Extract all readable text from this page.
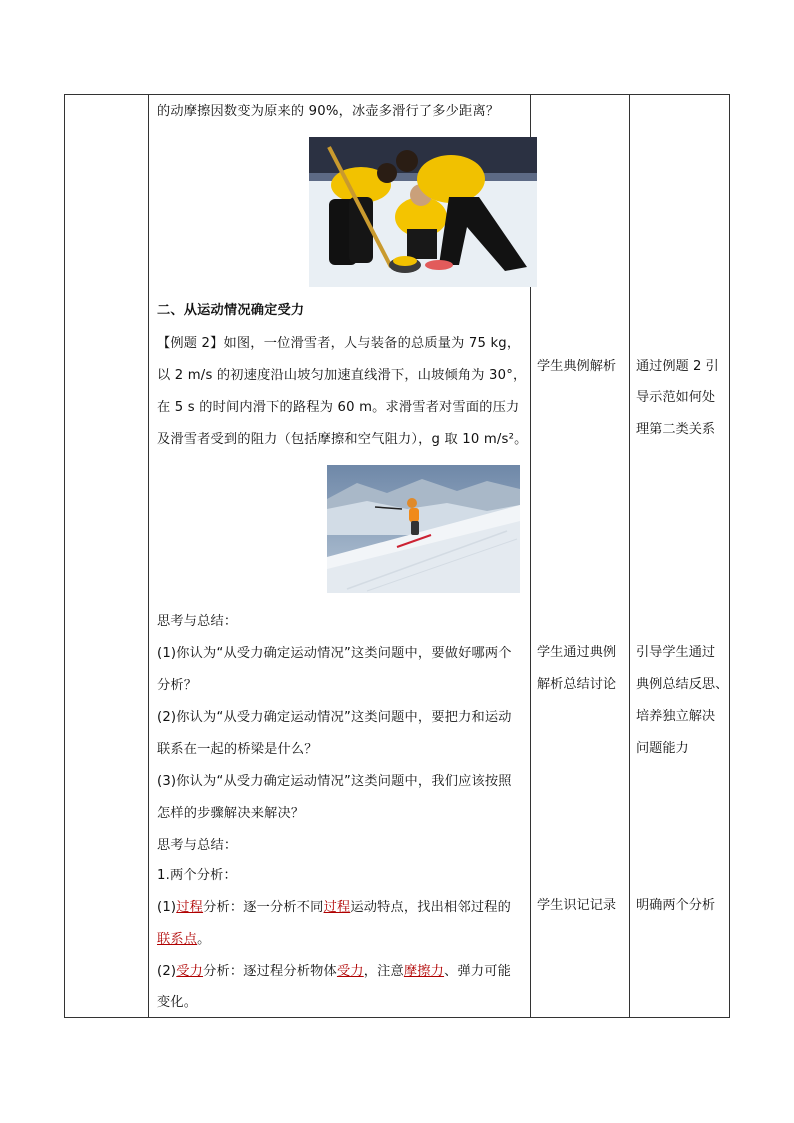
的动摩擦因数变为原来的 90%，冰壶多滑行了多少距离？
二、从运动情况确定受力
【例题 2】如图，一位滑雪者，人与装备的总质量为 75 kg，
以 2 m/s 的初速度沿山坡匀加速直线滑下，山坡倾角为 30°，
在 5 s 的时间内滑下的路程为 60 m。求滑雪者对雪面的压力
及滑雪者受到的阻力（包括摩擦和空气阻力），g 取 10 m/s²。
思考与总结：
(1)你认为“从受力确定运动情况”这类问题中，要做好哪两个
分析？
(2)你认为“从受力确定运动情况”这类问题中，要把力和运动
联系在一起的桥梁是什么？
(3)你认为“从受力确定运动情况”这类问题中，我们应该按照
怎样的步骤解决来解决？
思考与总结：
1.两个分析：
(1)过程分析：逐一分析不同过程运动特点，找出相邻过程的
联系点。
(2)受力分析：逐过程分析物体受力，注意摩擦力、弹力可能
变化。
学生典例解析
学生通过典例
解析总结讨论
学生识记记录
通过例题 2 引
导示范如何处
理第二类关系
引导学生通过
典例总结反思、
培养独立解决
问题能力
明确两个分析
